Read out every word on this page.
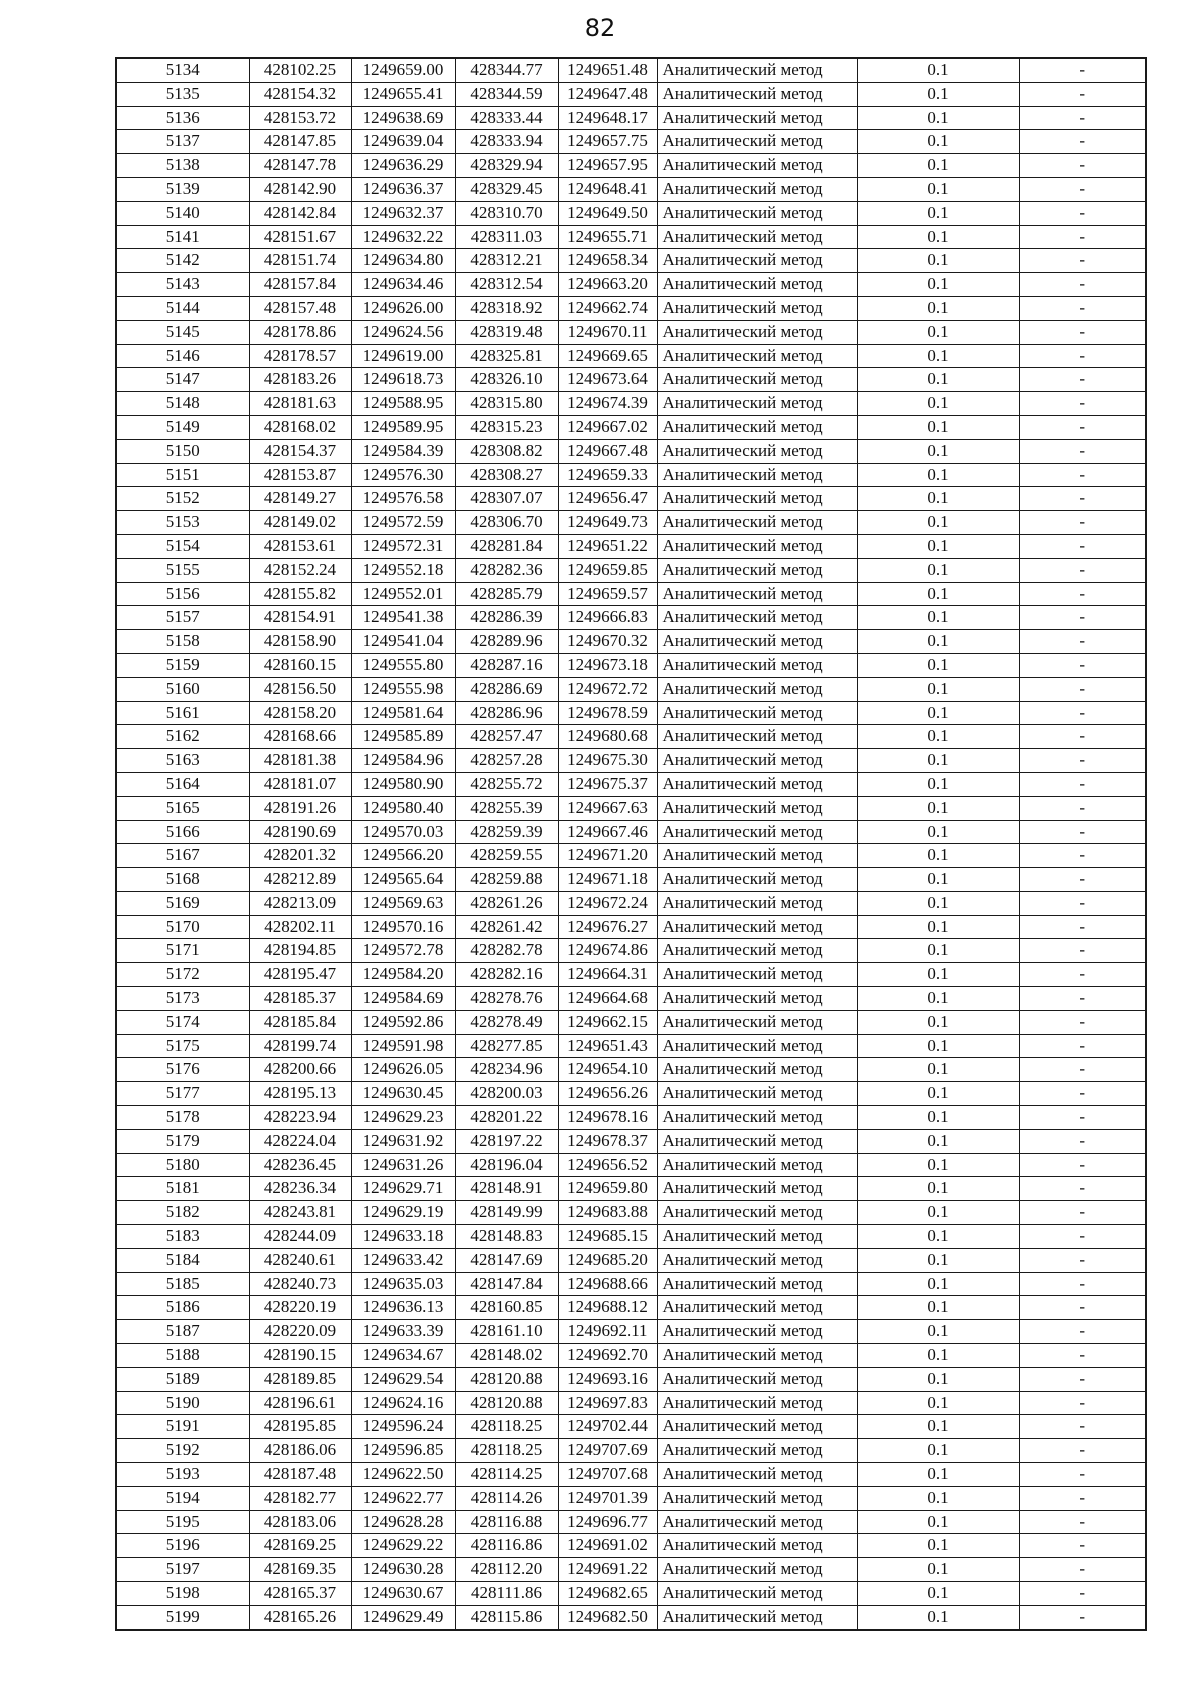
82
5134	428102.25	1249659.00	428344.77	1249651.48	Аналитический метод	0.1	-
5135	428154.32	1249655.41	428344.59	1249647.48	Аналитический метод	0.1	-
5136	428153.72	1249638.69	428333.44	1249648.17	Аналитический метод	0.1	-
5137	428147.85	1249639.04	428333.94	1249657.75	Аналитический метод	0.1	-
5138	428147.78	1249636.29	428329.94	1249657.95	Аналитический метод	0.1	-
5139	428142.90	1249636.37	428329.45	1249648.41	Аналитический метод	0.1	-
5140	428142.84	1249632.37	428310.70	1249649.50	Аналитический метод	0.1	-
5141	428151.67	1249632.22	428311.03	1249655.71	Аналитический метод	0.1	-
5142	428151.74	1249634.80	428312.21	1249658.34	Аналитический метод	0.1	-
5143	428157.84	1249634.46	428312.54	1249663.20	Аналитический метод	0.1	-
5144	428157.48	1249626.00	428318.92	1249662.74	Аналитический метод	0.1	-
5145	428178.86	1249624.56	428319.48	1249670.11	Аналитический метод	0.1	-
5146	428178.57	1249619.00	428325.81	1249669.65	Аналитический метод	0.1	-
5147	428183.26	1249618.73	428326.10	1249673.64	Аналитический метод	0.1	-
5148	428181.63	1249588.95	428315.80	1249674.39	Аналитический метод	0.1	-
5149	428168.02	1249589.95	428315.23	1249667.02	Аналитический метод	0.1	-
5150	428154.37	1249584.39	428308.82	1249667.48	Аналитический метод	0.1	-
5151	428153.87	1249576.30	428308.27	1249659.33	Аналитический метод	0.1	-
5152	428149.27	1249576.58	428307.07	1249656.47	Аналитический метод	0.1	-
5153	428149.02	1249572.59	428306.70	1249649.73	Аналитический метод	0.1	-
5154	428153.61	1249572.31	428281.84	1249651.22	Аналитический метод	0.1	-
5155	428152.24	1249552.18	428282.36	1249659.85	Аналитический метод	0.1	-
5156	428155.82	1249552.01	428285.79	1249659.57	Аналитический метод	0.1	-
5157	428154.91	1249541.38	428286.39	1249666.83	Аналитический метод	0.1	-
5158	428158.90	1249541.04	428289.96	1249670.32	Аналитический метод	0.1	-
5159	428160.15	1249555.80	428287.16	1249673.18	Аналитический метод	0.1	-
5160	428156.50	1249555.98	428286.69	1249672.72	Аналитический метод	0.1	-
5161	428158.20	1249581.64	428286.96	1249678.59	Аналитический метод	0.1	-
5162	428168.66	1249585.89	428257.47	1249680.68	Аналитический метод	0.1	-
5163	428181.38	1249584.96	428257.28	1249675.30	Аналитический метод	0.1	-
5164	428181.07	1249580.90	428255.72	1249675.37	Аналитический метод	0.1	-
5165	428191.26	1249580.40	428255.39	1249667.63	Аналитический метод	0.1	-
5166	428190.69	1249570.03	428259.39	1249667.46	Аналитический метод	0.1	-
5167	428201.32	1249566.20	428259.55	1249671.20	Аналитический метод	0.1	-
5168	428212.89	1249565.64	428259.88	1249671.18	Аналитический метод	0.1	-
5169	428213.09	1249569.63	428261.26	1249672.24	Аналитический метод	0.1	-
5170	428202.11	1249570.16	428261.42	1249676.27	Аналитический метод	0.1	-
5171	428194.85	1249572.78	428282.78	1249674.86	Аналитический метод	0.1	-
5172	428195.47	1249584.20	428282.16	1249664.31	Аналитический метод	0.1	-
5173	428185.37	1249584.69	428278.76	1249664.68	Аналитический метод	0.1	-
5174	428185.84	1249592.86	428278.49	1249662.15	Аналитический метод	0.1	-
5175	428199.74	1249591.98	428277.85	1249651.43	Аналитический метод	0.1	-
5176	428200.66	1249626.05	428234.96	1249654.10	Аналитический метод	0.1	-
5177	428195.13	1249630.45	428200.03	1249656.26	Аналитический метод	0.1	-
5178	428223.94	1249629.23	428201.22	1249678.16	Аналитический метод	0.1	-
5179	428224.04	1249631.92	428197.22	1249678.37	Аналитический метод	0.1	-
5180	428236.45	1249631.26	428196.04	1249656.52	Аналитический метод	0.1	-
5181	428236.34	1249629.71	428148.91	1249659.80	Аналитический метод	0.1	-
5182	428243.81	1249629.19	428149.99	1249683.88	Аналитический метод	0.1	-
5183	428244.09	1249633.18	428148.83	1249685.15	Аналитический метод	0.1	-
5184	428240.61	1249633.42	428147.69	1249685.20	Аналитический метод	0.1	-
5185	428240.73	1249635.03	428147.84	1249688.66	Аналитический метод	0.1	-
5186	428220.19	1249636.13	428160.85	1249688.12	Аналитический метод	0.1	-
5187	428220.09	1249633.39	428161.10	1249692.11	Аналитический метод	0.1	-
5188	428190.15	1249634.67	428148.02	1249692.70	Аналитический метод	0.1	-
5189	428189.85	1249629.54	428120.88	1249693.16	Аналитический метод	0.1	-
5190	428196.61	1249624.16	428120.88	1249697.83	Аналитический метод	0.1	-
5191	428195.85	1249596.24	428118.25	1249702.44	Аналитический метод	0.1	-
5192	428186.06	1249596.85	428118.25	1249707.69	Аналитический метод	0.1	-
5193	428187.48	1249622.50	428114.25	1249707.68	Аналитический метод	0.1	-
5194	428182.77	1249622.77	428114.26	1249701.39	Аналитический метод	0.1	-
5195	428183.06	1249628.28	428116.88	1249696.77	Аналитический метод	0.1	-
5196	428169.25	1249629.22	428116.86	1249691.02	Аналитический метод	0.1	-
5197	428169.35	1249630.28	428112.20	1249691.22	Аналитический метод	0.1	-
5198	428165.37	1249630.67	428111.86	1249682.65	Аналитический метод	0.1	-
5199	428165.26	1249629.49	428115.86	1249682.50	Аналитический метод	0.1	-
